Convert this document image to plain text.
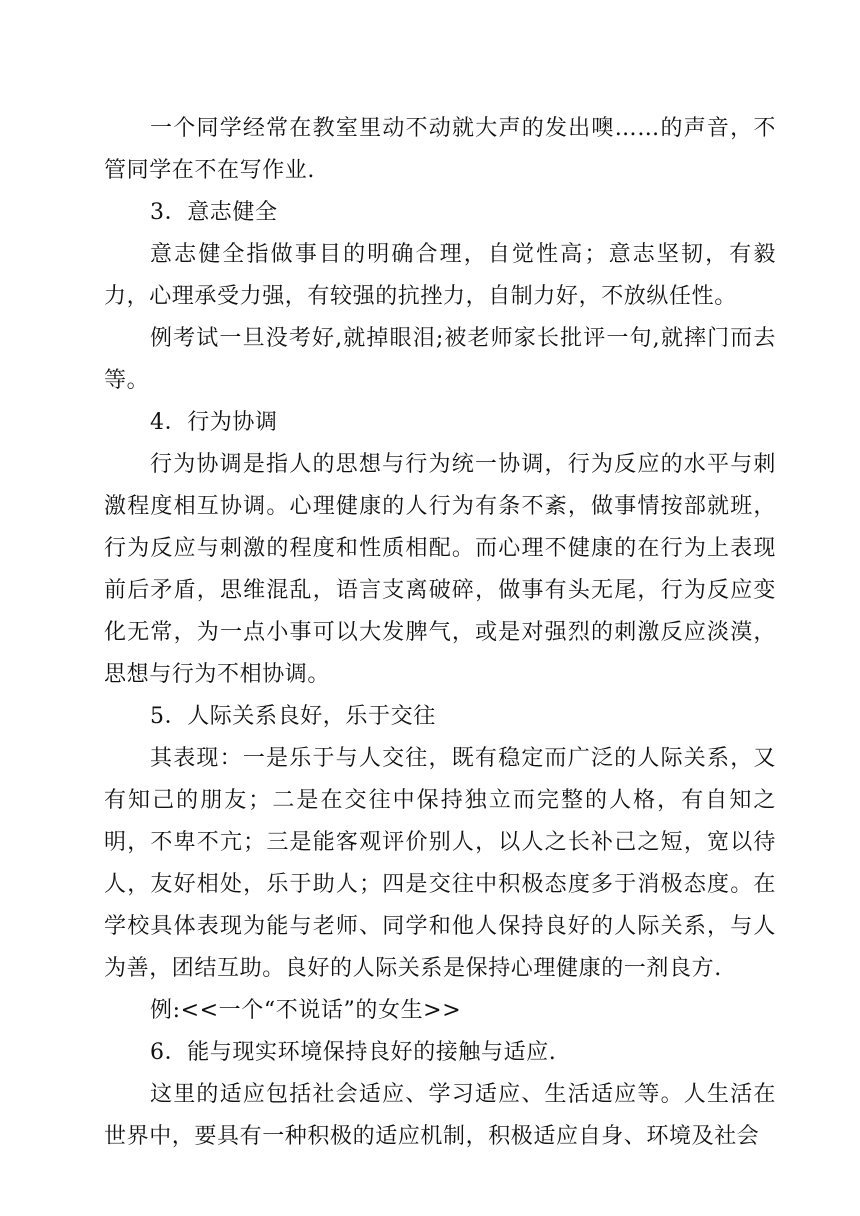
一个同学经常在教室里动不动就大声的发出噢……的声音，不管同学在不在写作业.

3．意志健全

意志健全指做事目的明确合理，自觉性高；意志坚韧，有毅力，心理承受力强，有较强的抗挫力，自制力好，不放纵任性。

例考试一旦没考好,就掉眼泪;被老师家长批评一句,就摔门而去等。

4．行为协调

行为协调是指人的思想与行为统一协调，行为反应的水平与刺激程度相互协调。心理健康的人行为有条不紊，做事情按部就班，行为反应与刺激的程度和性质相配。而心理不健康的在行为上表现前后矛盾，思维混乱，语言支离破碎，做事有头无尾，行为反应变化无常，为一点小事可以大发脾气，或是对强烈的刺激反应淡漠，思想与行为不相协调。

5．人际关系良好，乐于交往

其表现：一是乐于与人交往，既有稳定而广泛的人际关系，又有知己的朋友；二是在交往中保持独立而完整的人格，有自知之明，不卑不亢；三是能客观评价别人，以人之长补己之短，宽以待人，友好相处，乐于助人；四是交往中积极态度多于消极态度。在学校具体表现为能与老师、同学和他人保持良好的人际关系，与人为善，团结互助。良好的人际关系是保持心理健康的一剂良方.

例:<<一个“不说话”的女生>>

6．能与现实环境保持良好的接触与适应.

这里的适应包括社会适应、学习适应、生活适应等。人生活在世界中，要具有一种积极的适应机制，积极适应自身、环境及社会
